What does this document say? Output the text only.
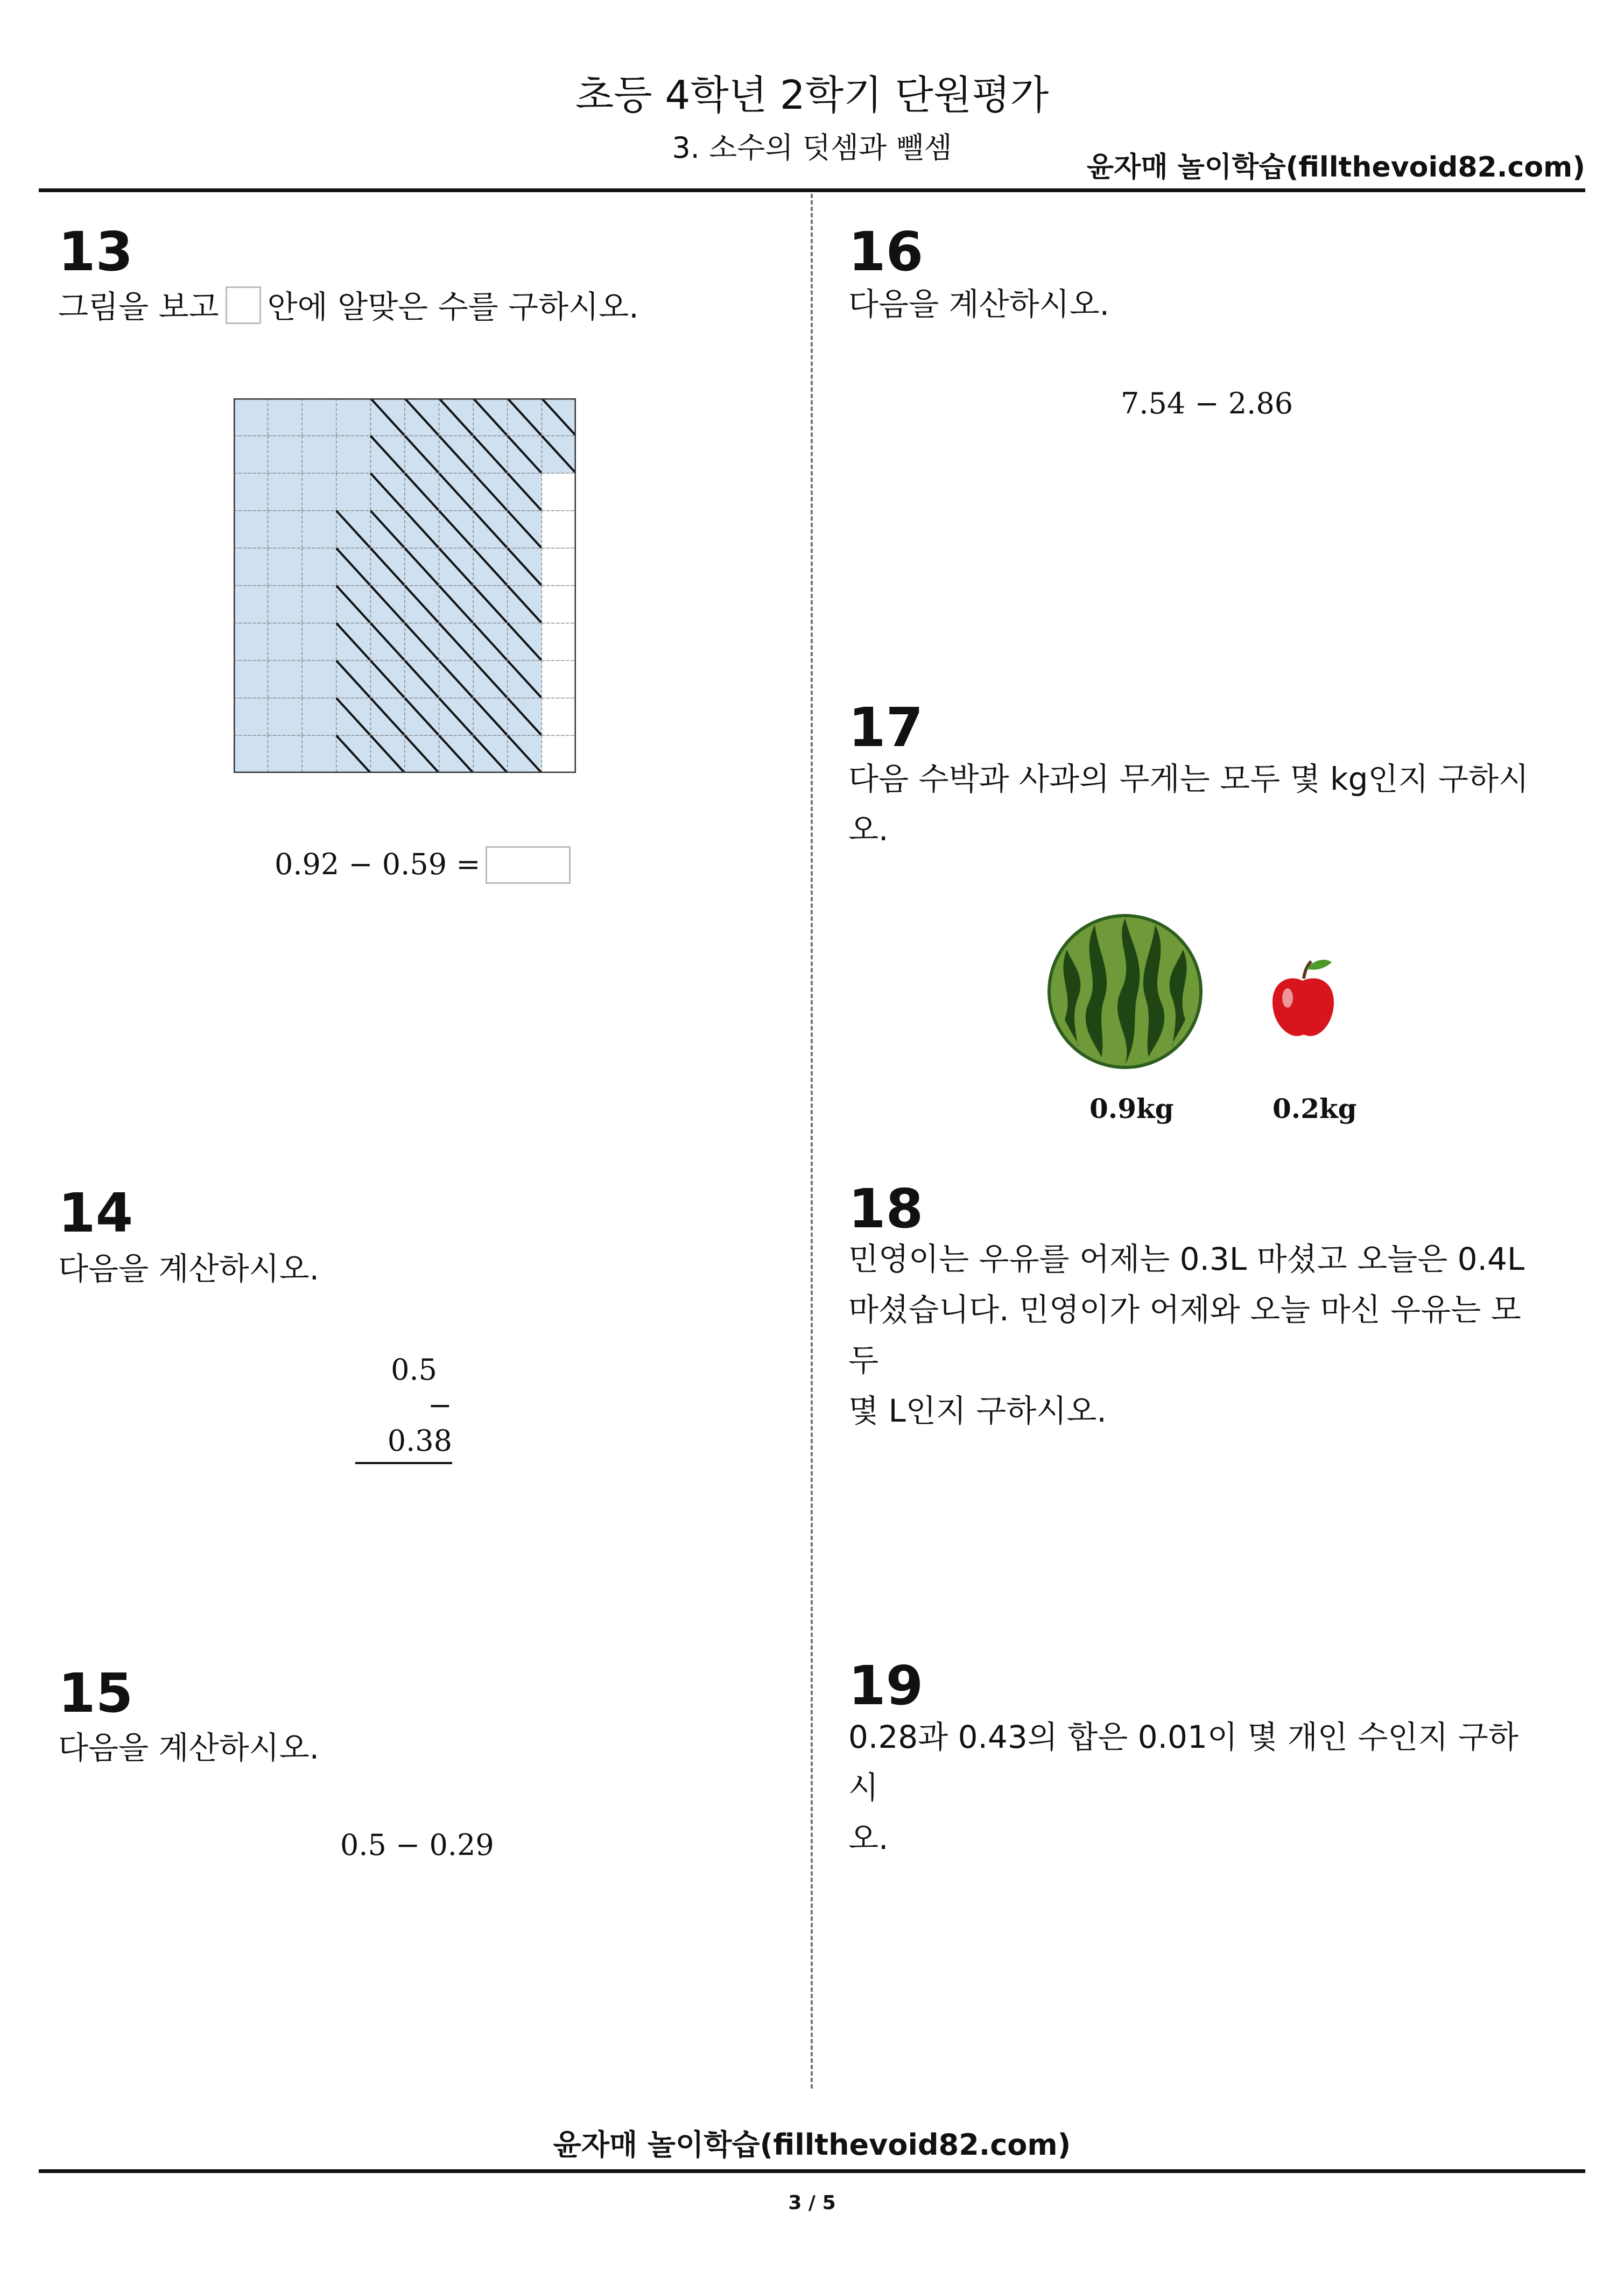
초등 4학년 2학기 단원평가
3. 소수의 덧셈과 뺄셈
윤자매 놀이학습(fillthevoid82.com)
13
그림을 보고 안에 알맞은 수를 구하시오.
0.92 − 0.59 =
14
다음을 계산하시오.
0.5
− 0.38
15
다음을 계산하시오.
0.5 − 0.29
16
다음을 계산하시오.
7.54 − 2.86
17
다음 수박과 사과의 무게는 모두 몇 kg인지 구하시
오.
0.9kg	0.2kg
18
민영이는 우유를 어제는 0.3L 마셨고 오늘은 0.4L
마셨습니다. 민영이가 어제와 오늘 마신 우유는 모두
몇 L인지 구하시오.
19
0.28과 0.43의 합은 0.01이 몇 개인 수인지 구하시
오.
윤자매 놀이학습(fillthevoid82.com)
3 / 5
